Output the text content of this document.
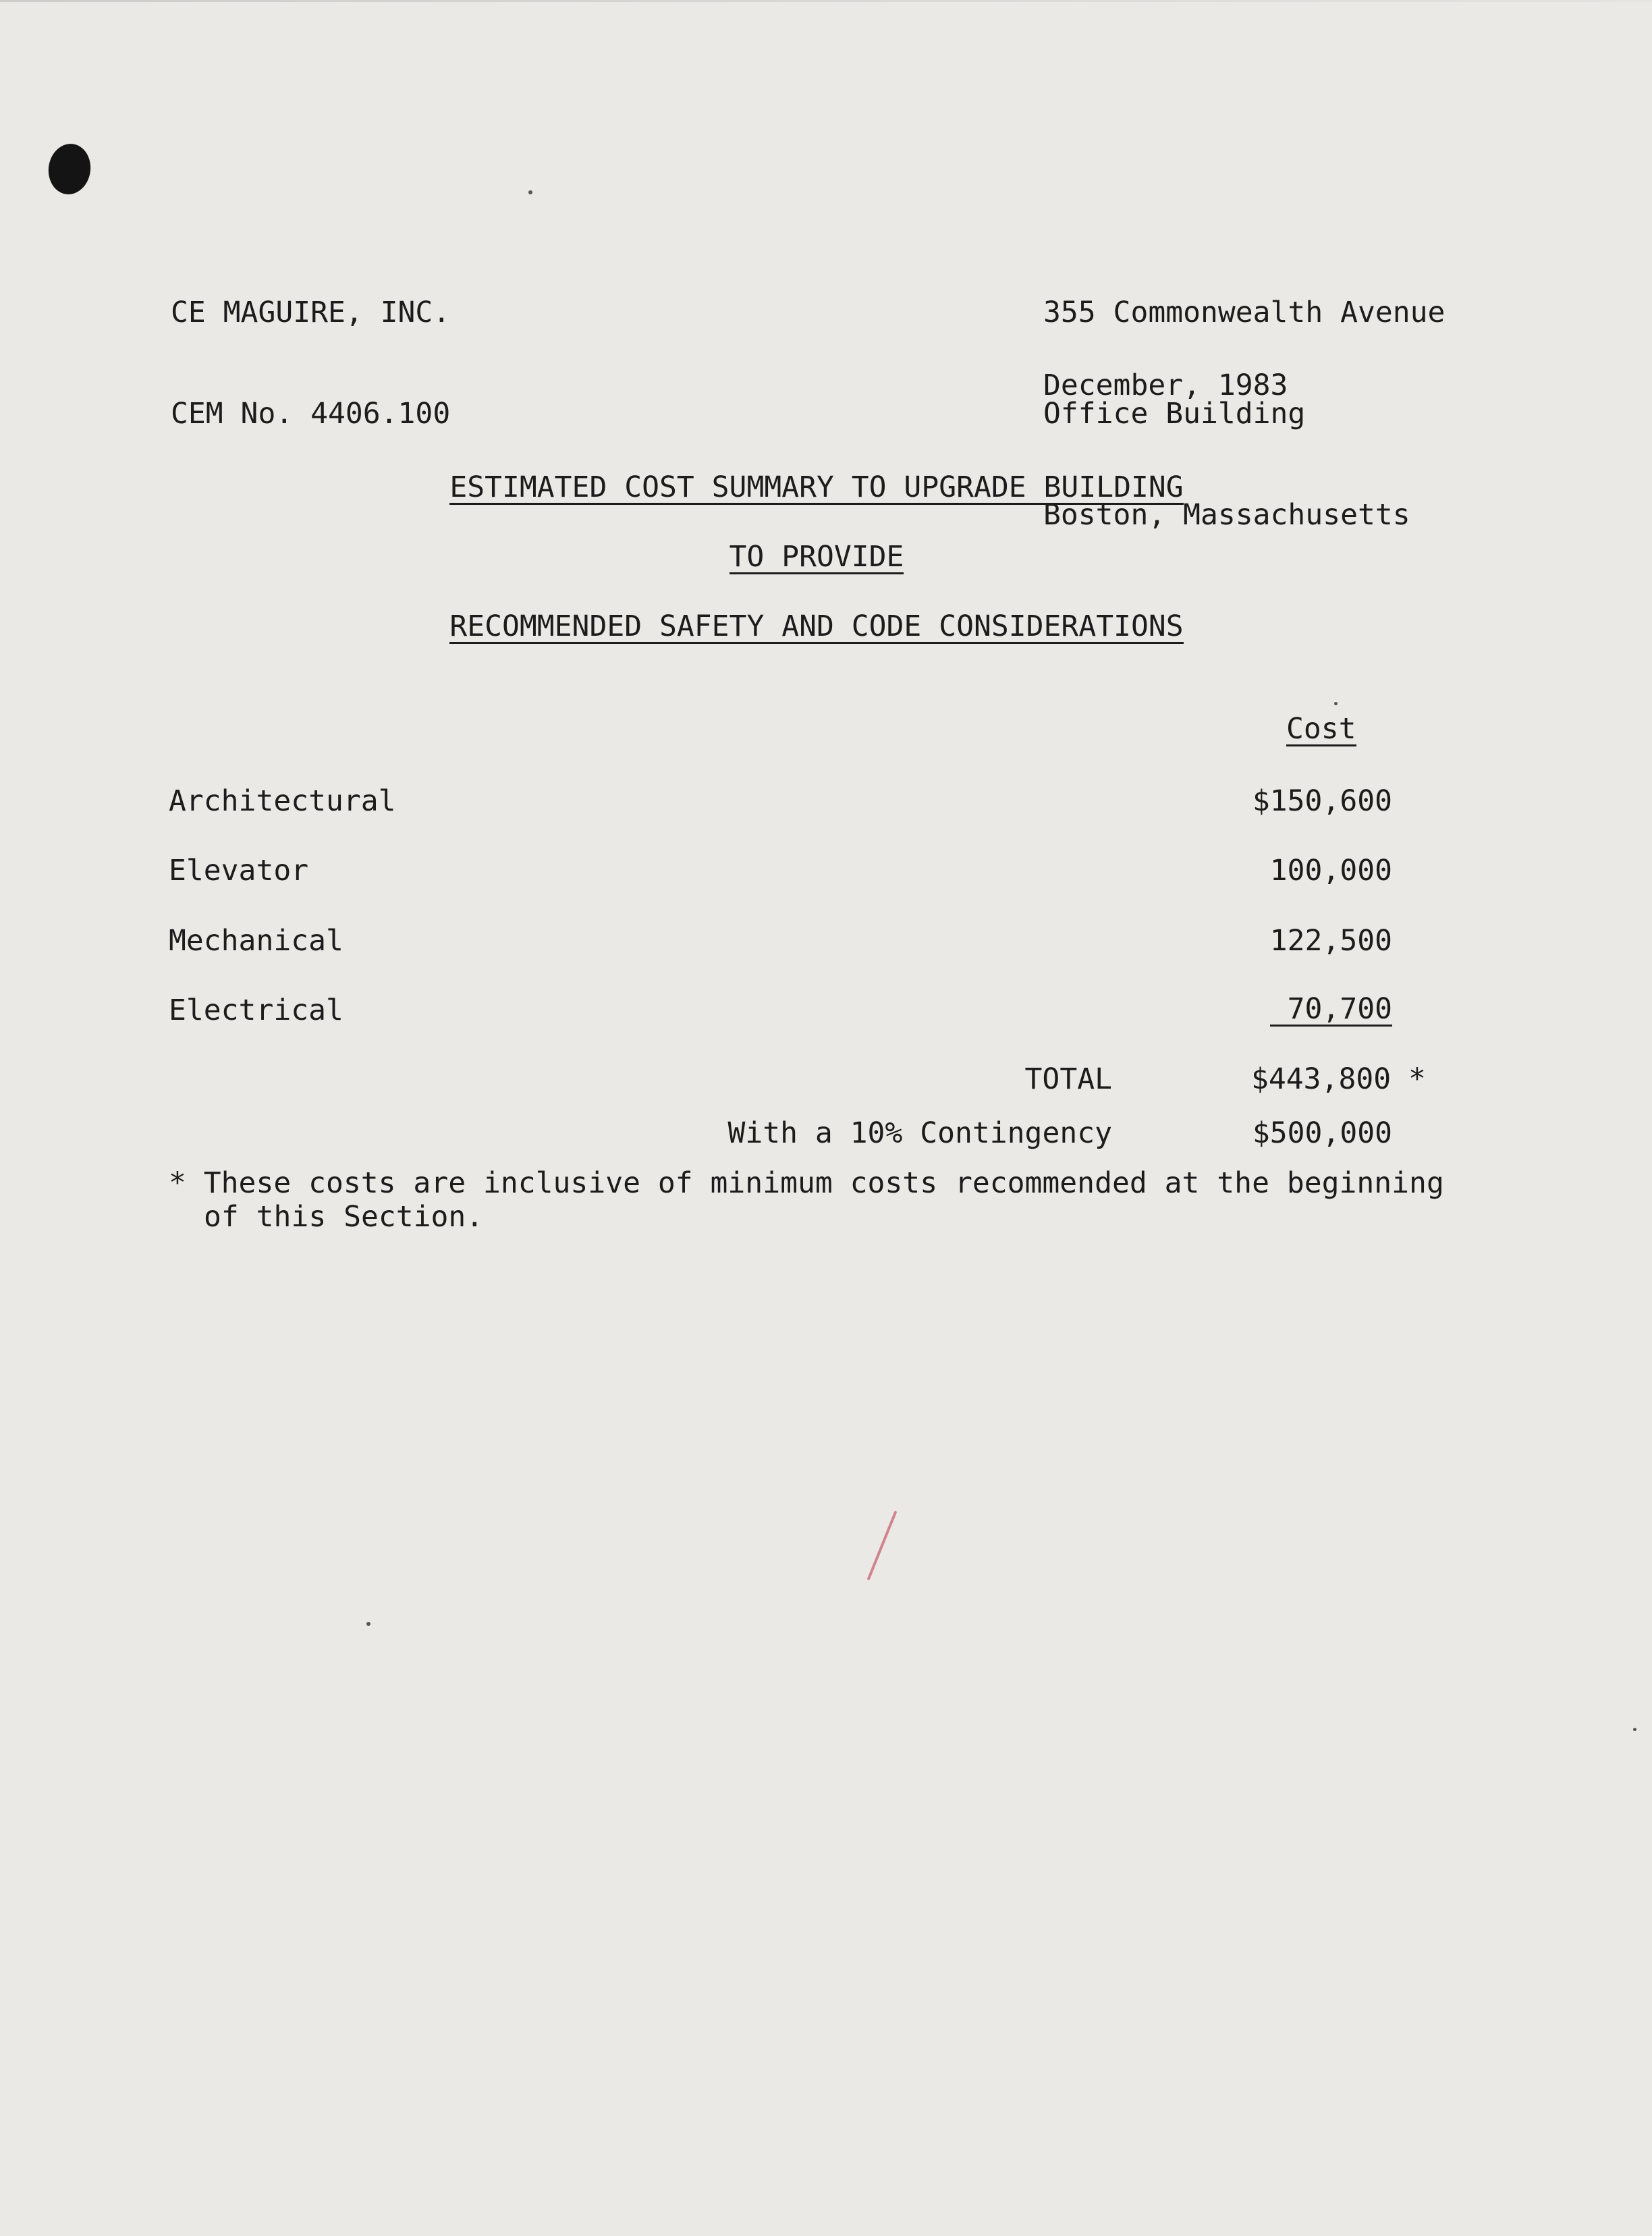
CE MAGUIRE, INC.

CEM No. 4406.100

355 Commonwealth Avenue

Office Building

Boston, Massachusetts

December, 1983
ESTIMATED COST SUMMARY TO UPGRADE BUILDING
TO PROVIDE
RECOMMENDED SAFETY AND CODE CONSIDERATIONS
Cost
Architectural	$150,600
Elevator	100,000
Mechanical	122,500
Electrical	70,700
TOTAL	$443,800 *
With a 10% Contingency	$500,000
* These costs are inclusive of minimum costs recommended at the beginning
of this Section.
